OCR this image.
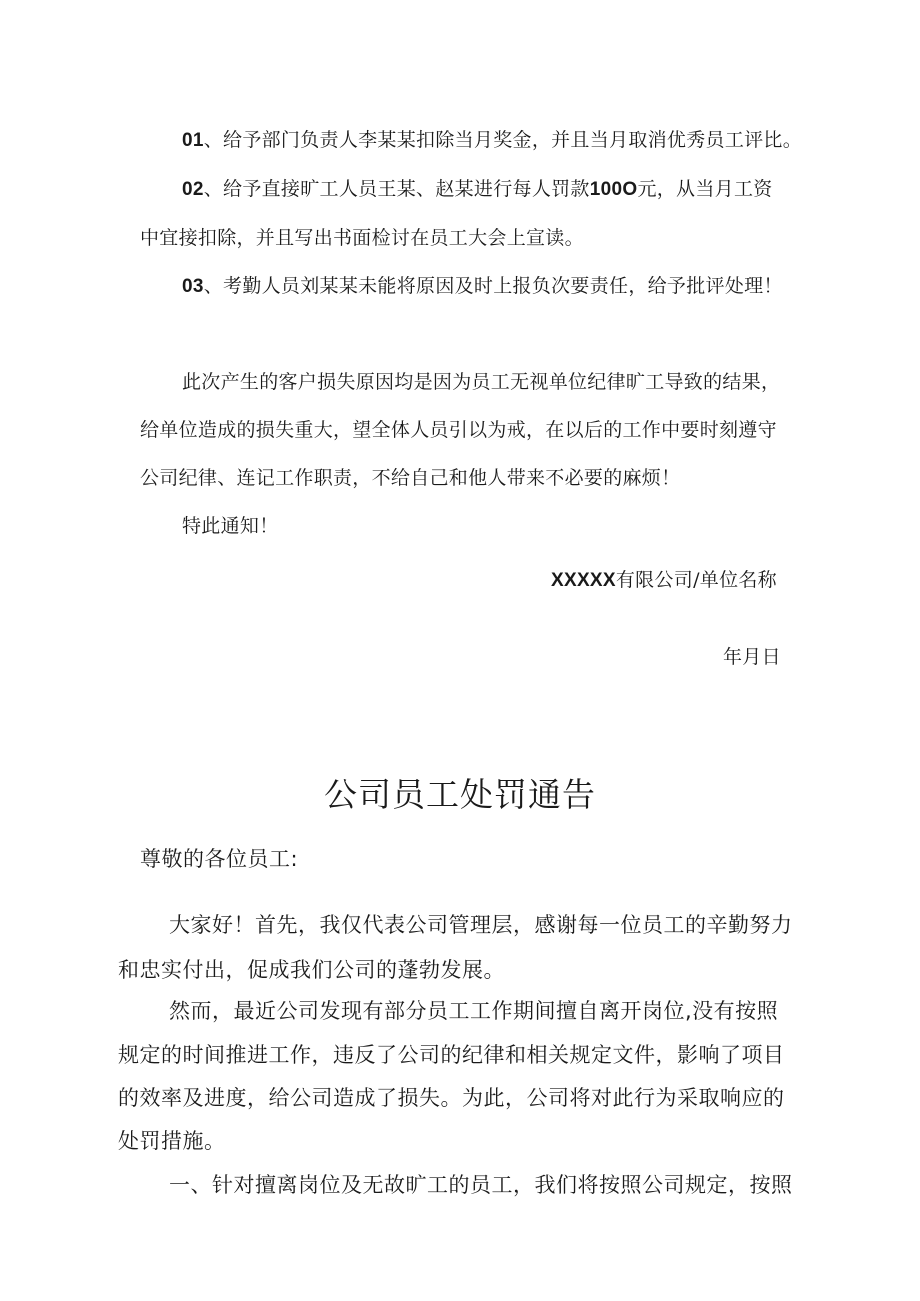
01、给予部门负责人李某某扣除当月奖金，并且当月取消优秀员工评比。
02、给予直接旷工人员王某、赵某进行每人罚款100O元，从当月工资
中宜接扣除，并且写出书面检讨在员工大会上宣读。
03、考勤人员刘某某未能将原因及时上报负次要责任，给予批评处理！
此次产生的客户损失原因均是因为员工无视单位纪律旷工导致的结果，
给单位造成的损失重大，望全体人员引以为戒，在以后的工作中要时刻遵守
公司纪律、连记工作职责，不给自己和他人带来不必要的麻烦！
特此通知！
XXXXX有限公司/单位名称
年月日
公司员工处罚通告
尊敬的各位员工:
大家好！首先，我仅代表公司管理层，感谢每一位员工的辛勤努力
和忠实付出，促成我们公司的蓬勃发展。
然而，最近公司发现有部分员工工作期间擅自离开岗位,没有按照
规定的时间推进工作，违反了公司的纪律和相关规定文件，影响了项目
的效率及进度，给公司造成了损失。为此，公司将对此行为采取响应的
处罚措施。
一、针对擅离岗位及无故旷工的员工，我们将按照公司规定，按照
